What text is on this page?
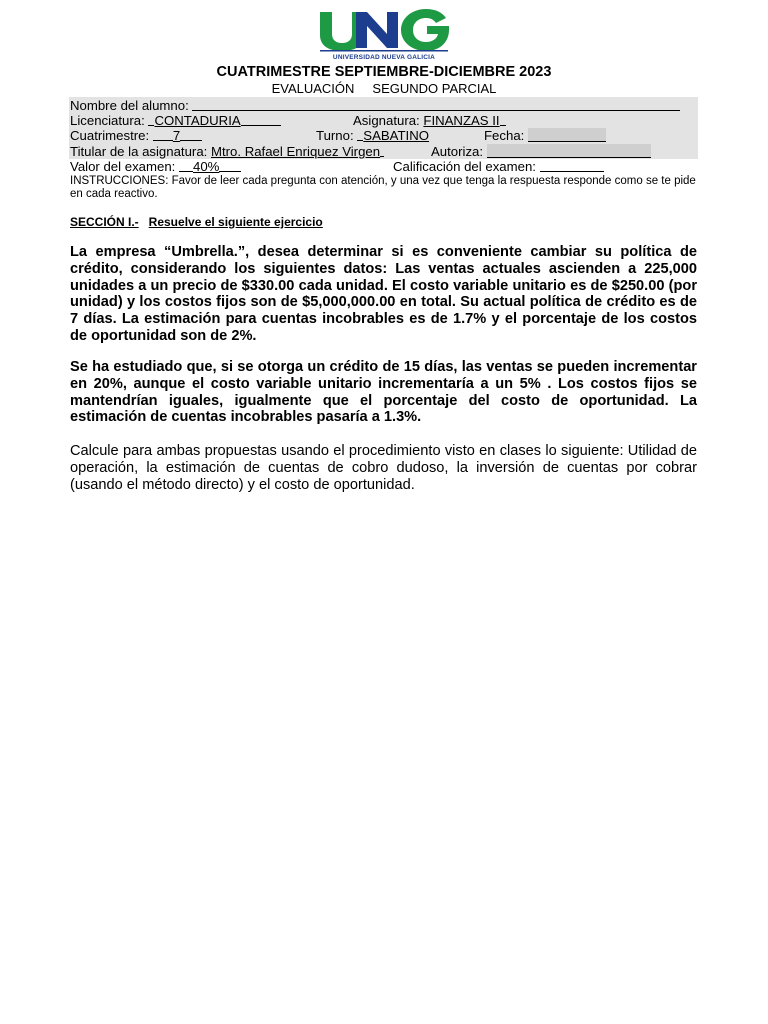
UNIVERSIDAD NUEVA GALICIA
CUATRIMESTRE SEPTIEMBRE-DICIEMBRE 2023
EVALUACIÓN SEGUNDO PARCIAL
Nombre del alumno:
Licenciatura: CONTADURIA	Asignatura: FINANZAS II
Cuatrimestre: 7	Turno: SABATINO	Fecha:
Titular de la asignatura: Mtro. Rafael Enriquez Virgen	Autoriza:
Valor del examen: 40%	Calificación del examen:
INSTRUCCIONES: Favor de leer cada pregunta con atención, y una vez que tenga la respuesta responde como se te pide en cada reactivo.
SECCIÓN I.- Resuelve el siguiente ejercicio

La empresa “Umbrella.”, desea determinar si es conveniente cambiar su política de crédito, considerando los siguientes datos: Las ventas actuales ascienden a 225,000 unidades a un precio de $330.00 cada unidad. El costo variable unitario es de $250.00 (por unidad) y los costos fijos son de $5,000,000.00 en total. Su actual política de crédito es de 7 días. La estimación para cuentas incobrables es de 1.7% y el porcentaje de los costos de oportunidad son de 2%.

Se ha estudiado que, si se otorga un crédito de 15 días, las ventas se pueden incrementar en 20%, aunque el costo variable unitario incrementaría a un 5% . Los costos fijos se mantendrían iguales, igualmente que el porcentaje del costo de oportunidad. La estimación de cuentas incobrables pasaría a 1.3%.

Calcule para ambas propuestas usando el procedimiento visto en clases lo siguiente: Utilidad de operación, la estimación de cuentas de cobro dudoso, la inversión de cuentas por cobrar (usando el método directo) y el costo de oportunidad.
